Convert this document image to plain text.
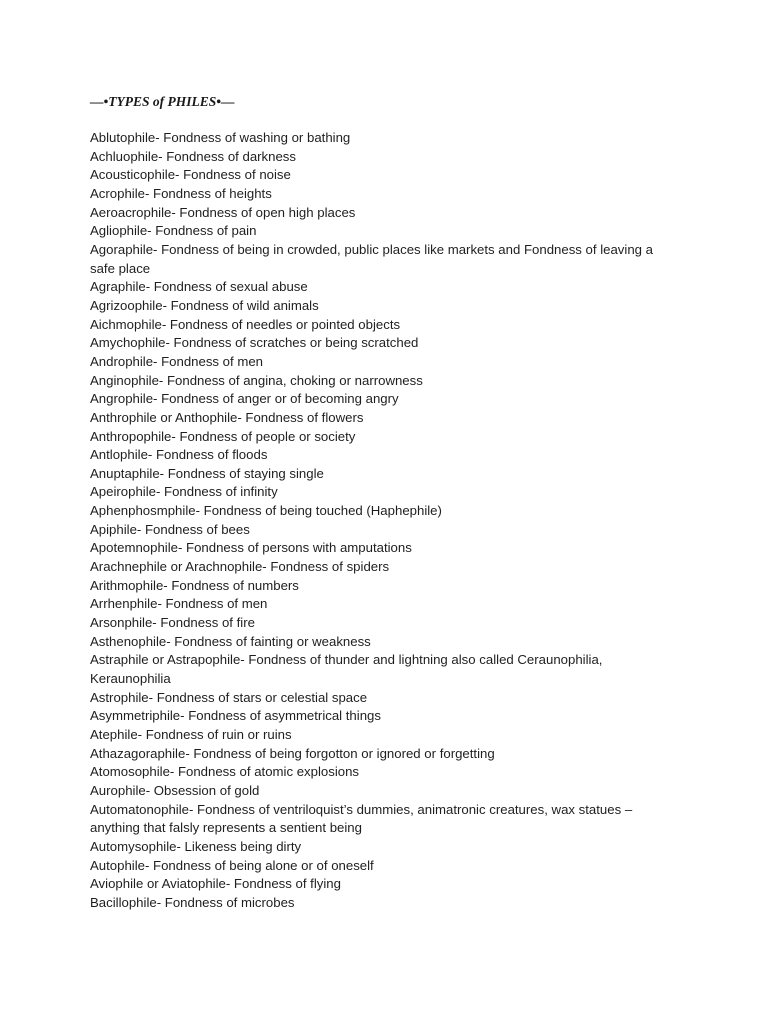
—•TYPES of PHILES•—

Ablutophile- Fondness of washing or bathing

Achluophile- Fondness of darkness

Acousticophile- Fondness of noise

Acrophile- Fondness of heights

Aeroacrophile- Fondness of open high places

Agliophile- Fondness of pain

Agoraphile- Fondness of being in crowded, public places like markets and Fondness of leaving a safe place

Agraphile- Fondness of sexual abuse

Agrizoophile- Fondness of wild animals

Aichmophile- Fondness of needles or pointed objects

Amychophile- Fondness of scratches or being scratched

Androphile- Fondness of men

Anginophile- Fondness of angina, choking or narrowness

Angrophile- Fondness of anger or of becoming angry

Anthrophile or Anthophile- Fondness of flowers

Anthropophile- Fondness of people or society

Antlophile- Fondness of floods

Anuptaphile- Fondness of staying single

Apeirophile- Fondness of infinity

Aphenphosmphile- Fondness of being touched (Haphephile)

Apiphile- Fondness of bees

Apotemnophile- Fondness of persons with amputations

Arachnephile or Arachnophile- Fondness of spiders

Arithmophile- Fondness of numbers

Arrhenphile- Fondness of men

Arsonphile- Fondness of fire

Asthenophile- Fondness of fainting or weakness

Astraphile or Astrapophile- Fondness of thunder and lightning also called Ceraunophilia, Keraunophilia

Astrophile- Fondness of stars or celestial space

Asymmetriphile- Fondness of asymmetrical things

Atephile- Fondness of ruin or ruins

Athazagoraphile- Fondness of being forgotton or ignored or forgetting

Atomosophile- Fondness of atomic explosions

Aurophile- Obsession of gold

Automatonophile- Fondness of ventriloquist’s dummies, animatronic creatures, wax statues – anything that falsly represents a sentient being

Automysophile- Likeness being dirty

Autophile- Fondness of being alone or of oneself

Aviophile or Aviatophile- Fondness of flying

Bacillophile- Fondness of microbes
